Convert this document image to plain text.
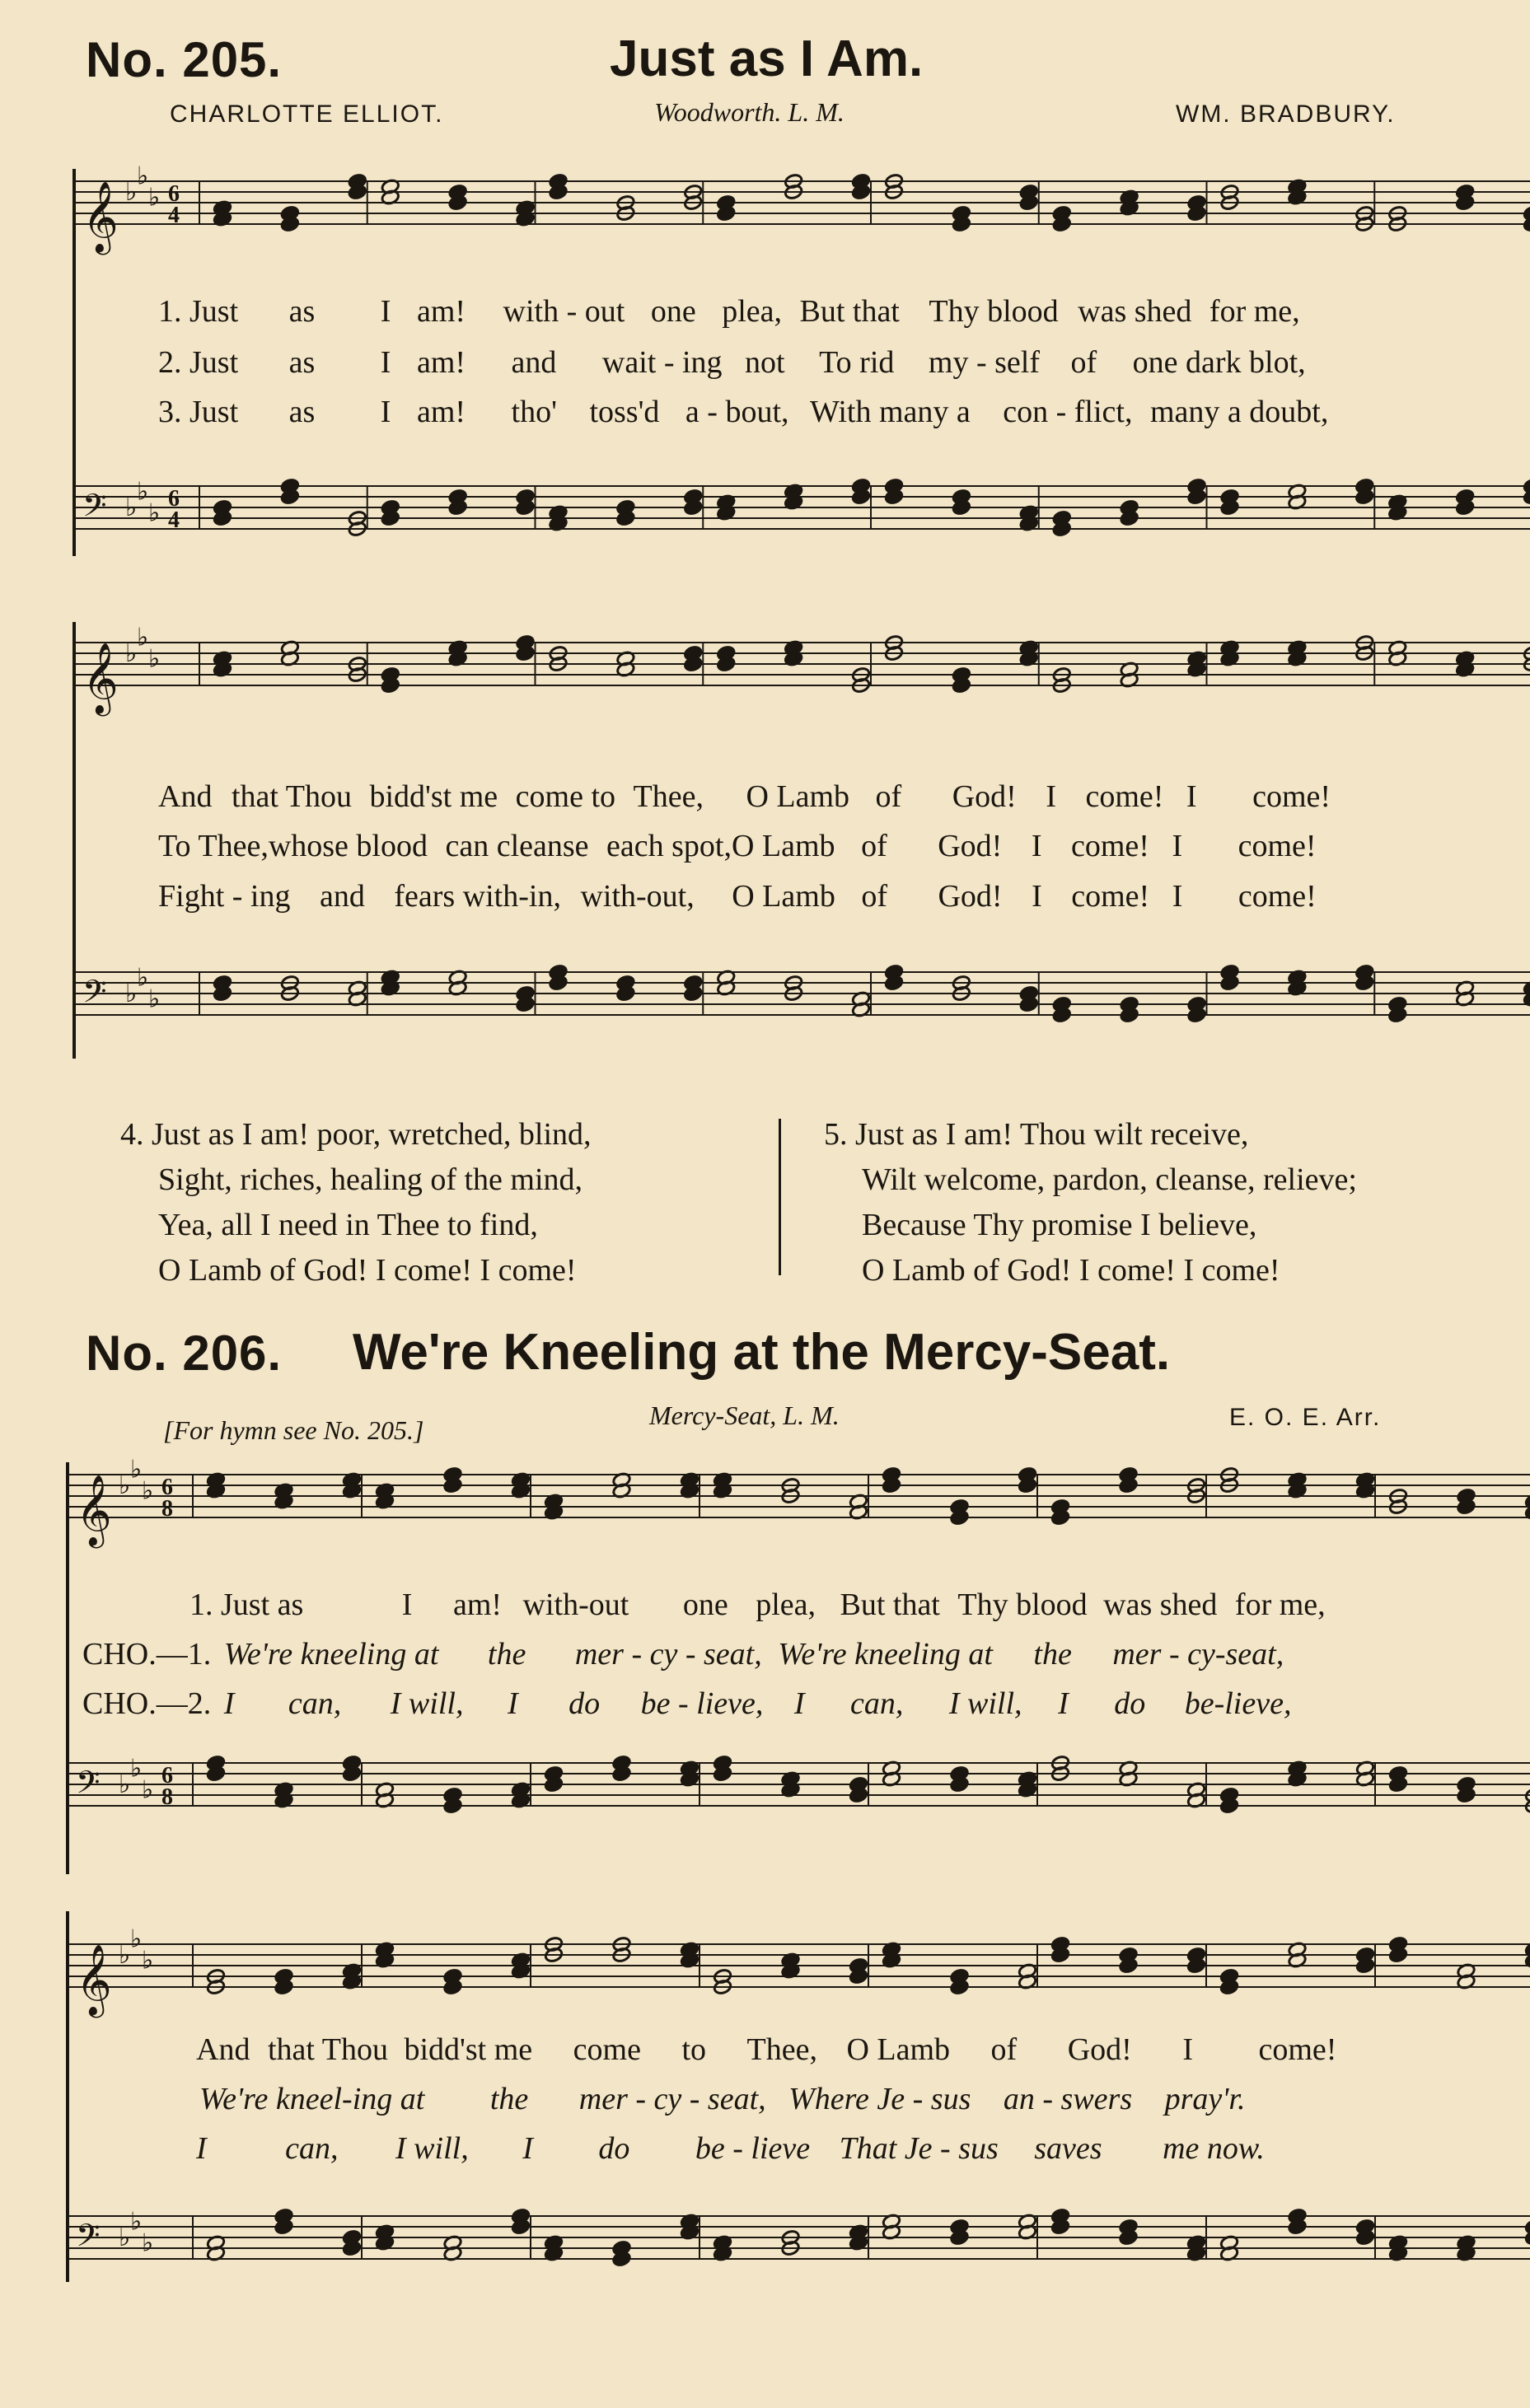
No. 205.	Just as I Am.
CHARLOTTE ELLIOT.	Woodworth. L. M.	WM. BRADBURY.
𝄞 ♭
♭
♭ 6
4
𝄢 ♭
♭
♭ 6
4
𝄞 ♭
♭
♭
𝄢 ♭
♭
♭
𝄞 ♭
♭
♭ 6
8
𝄢 ♭
♭
♭ 6
8
𝄞 ♭
♭
♭
𝄢 ♭
♭
♭
1. Just as I am! with - out one plea, But that Thy blood was shed for me,
2. Just as I am! and wait - ing not To rid my - self of one dark blot,
3. Just as I am! tho' toss'd a - bout, With many a con - flict, many a doubt,
And that Thou bidd'st me come to Thee, O Lamb of God! I come! I come!
To Thee,whose blood can cleanse each spot,O Lamb of God! I come! I come!
Fight - ing and fears with-in, with-out, O Lamb of God! I come! I come!
4. Just as I am! poor, wretched, blind,
Sight, riches, healing of the mind,
Yea, all I need in Thee to find,
O Lamb of God! I come! I come!
5. Just as I am! Thou wilt receive,
Wilt welcome, pardon, cleanse, relieve;
Because Thy promise I believe,
O Lamb of God! I come! I come!
No. 206. We're Kneeling at the Mercy-Seat.
[For hymn see No. 205.]	Mercy-Seat, L. M.	E. O. E. Arr.
1. Just as	I am! with-out one plea, But that Thy blood was shed for me,
CHO.—1. We're kneeling at the mer - cy - seat, We're kneeling at the mer - cy-seat,
CHO.—2. I can, I will, I do be - lieve, I can, I will, I do be-lieve,
And that Thou bidd'st me come to Thee, O Lamb of God! I come!
We're kneel-ing at the mer - cy - seat, Where Je - sus an - swers pray'r.
I	can, I will, I do be - lieve That Je - sus saves me now.
